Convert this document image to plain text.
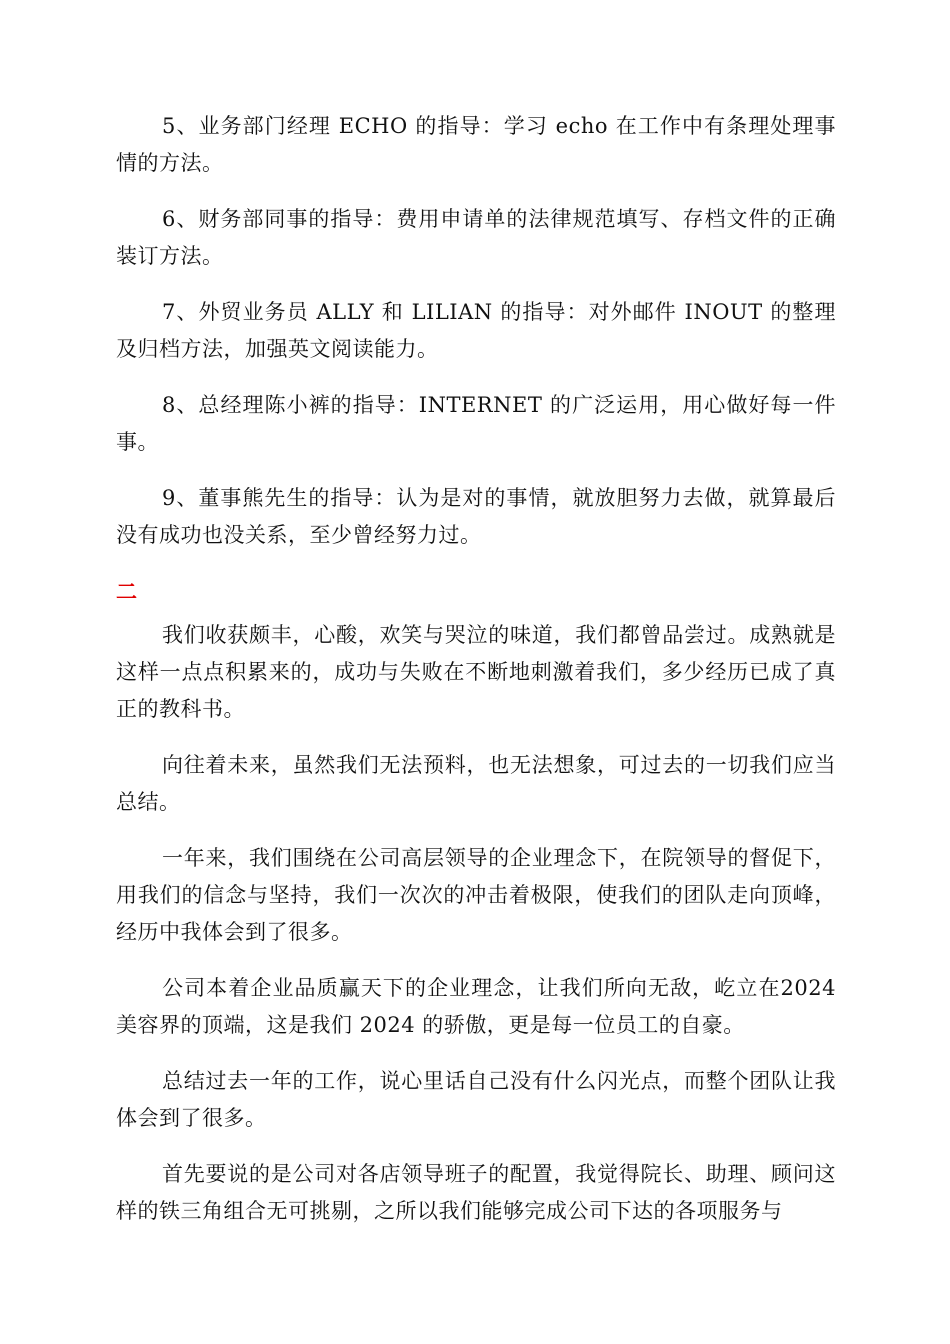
5、业务部门经理 ECHO 的指导：学习 echo 在工作中有条理处理事情的方法。

6、财务部同事的指导：费用申请单的法律规范填写、存档文件的正确装订方法。

7、外贸业务员 ALLY 和 LILIAN 的指导：对外邮件 INOUT 的整理及归档方法，加强英文阅读能力。

8、总经理陈小裤的指导：INTERNET 的广泛运用，用心做好每一件事。

9、董事熊先生的指导：认为是对的事情，就放胆努力去做，就算最后没有成功也没关系，至少曾经努力过。

二

我们收获颇丰，心酸，欢笑与哭泣的味道，我们都曾品尝过。成熟就是这样一点点积累来的，成功与失败在不断地刺激着我们，多少经历已成了真正的教科书。

向往着未来，虽然我们无法预料，也无法想象，可过去的一切我们应当总结。

一年来，我们围绕在公司高层领导的企业理念下，在院领导的督促下，用我们的信念与坚持，我们一次次的冲击着极限，使我们的团队走向顶峰，经历中我体会到了很多。

公司本着企业品质赢天下的企业理念，让我们所向无敌，屹立在2024 美容界的顶端，这是我们 2024 的骄傲，更是每一位员工的自豪。

总结过去一年的工作，说心里话自己没有什么闪光点，而整个团队让我体会到了很多。

首先要说的是公司对各店领导班子的配置，我觉得院长、助理、顾问这样的铁三角组合无可挑剔，之所以我们能够完成公司下达的各项服务与
